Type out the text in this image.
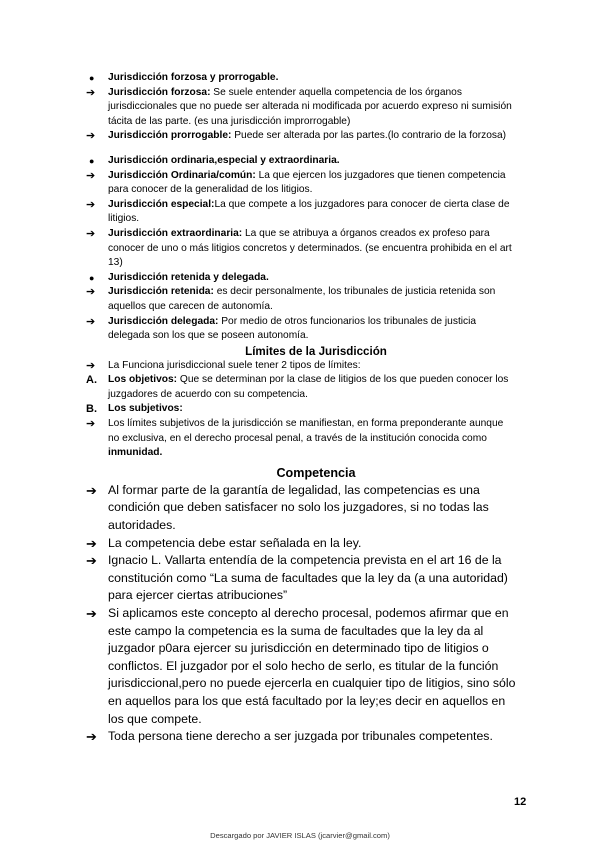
● Jurisdicción forzosa y prorrogable.
➔ Jurisdicción forzosa: Se suele entender aquella competencia de los órganos jurisdiccionales que no puede ser alterada ni modificada por acuerdo expreso ni sumisión tácita de las parte. (es una jurisdicción improrrogable)
➔ Jurisdicción prorrogable: Puede ser alterada por las partes.(lo contrario de la forzosa)
● Jurisdicción ordinaria,especial y extraordinaria.
➔ Jurisdicción Ordinaria/común: La que ejercen los juzgadores que tienen competencia para conocer de la generalidad de los litigios.
➔ Jurisdicción especial:La que compete a los juzgadores para conocer de cierta clase de litigios.
➔ Jurisdicción extraordinaria: La que se atribuya a órganos creados ex profeso para conocer de uno o más litigios concretos y determinados. (se encuentra prohibida en el art 13)
● Jurisdicción retenida y delegada.
➔ Jurisdicción retenida: es decir personalmente, los tribunales de justicia retenida son aquellos que carecen de autonomía.
➔ Jurisdicción delegada: Por medio de otros funcionarios los tribunales de justicia delegada son los que se poseen autonomía.
Límites de la Jurisdicción
➔ La Funciona jurisdiccional suele tener 2 tipos de límites:
A. Los objetivos: Que se determinan por la clase de litigios de los que pueden conocer los juzgadores de acuerdo con su competencia.
B. Los subjetivos:
➔ Los límites subjetivos de la jurisdicción se manifiestan, en forma preponderante aunque no exclusiva, en el derecho procesal penal, a través de la institución conocida como inmunidad.
Competencia
➔ Al formar parte de la garantía de legalidad, las competencias es una condición que deben satisfacer no solo los juzgadores, si no todas las autoridades.
➔ La competencia debe estar señalada en la ley.
➔ Ignacio L. Vallarta entendía de la competencia prevista en el art 16 de la constitución como “La suma de facultades que la ley da (a una autoridad) para ejercer ciertas atribuciones”
➔ Si aplicamos este concepto al derecho procesal, podemos afirmar que en este campo la competencia es la suma de facultades que la ley da al juzgador p0ara ejercer su jurisdicción en determinado tipo de litigios o conflictos. El juzgador por el solo hecho de serlo, es titular de la función jurisdiccional,pero no puede ejercerla en cualquier tipo de litigios, sino sólo en aquellos para los que está facultado por la ley;es decir en aquellos en los que compete.
➔ Toda persona tiene derecho a ser juzgada por tribunales competentes.
12
Descargado por JAVIER ISLAS (jcarvier@gmail.com)
